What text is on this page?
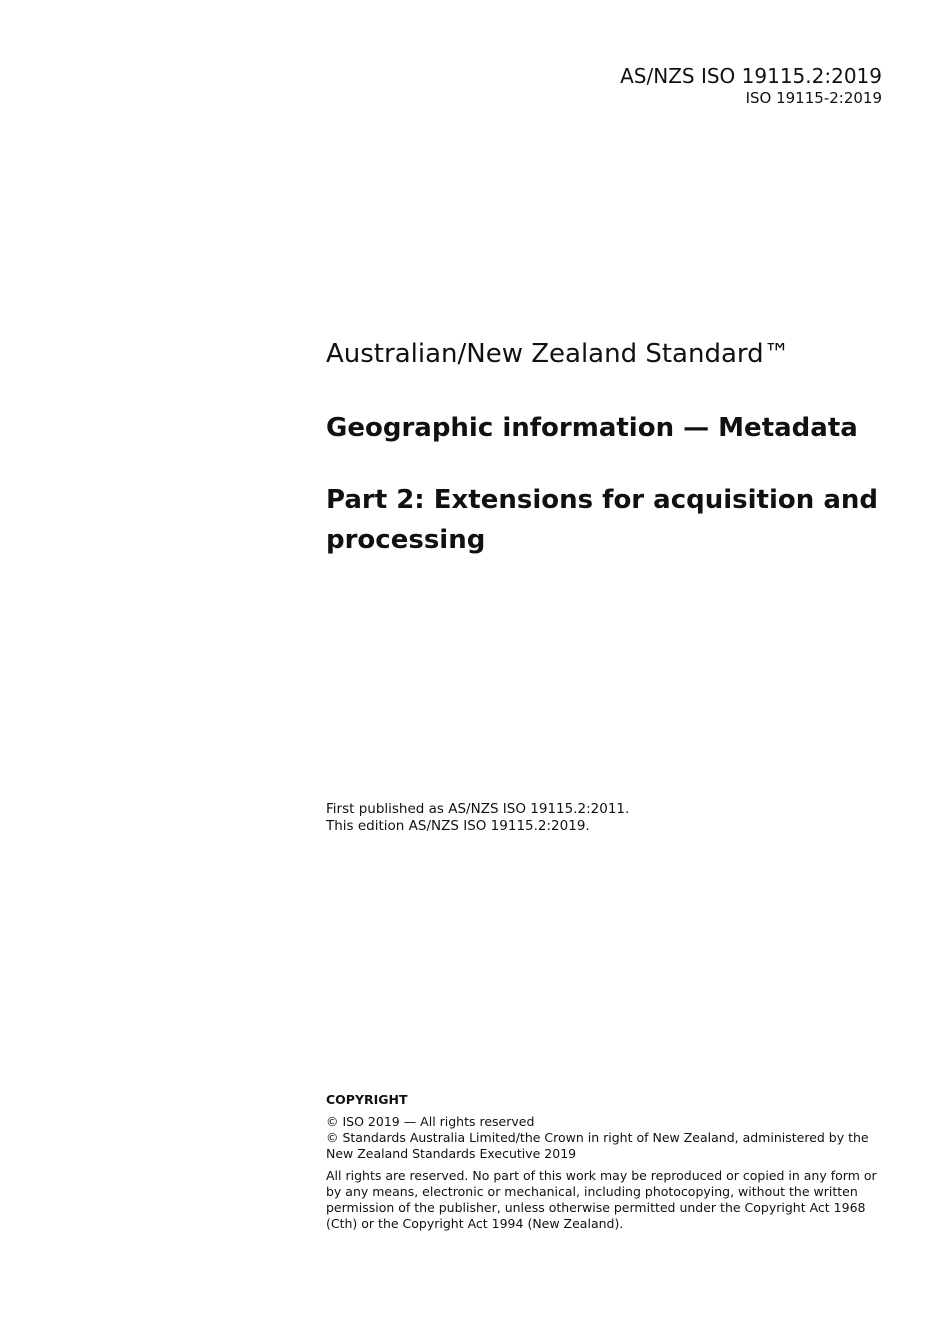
AS/NZS ISO 19115.2:2019

ISO 19115-2:2019

Australian/New Zealand Standard™
Geographic information — Metadata
Part 2: Extensions for acquisition and processing

First published as AS/NZS ISO 19115.2:2011.

This edition AS/NZS ISO 19115.2:2019.

COPYRIGHT

© ISO 2019 — All rights reserved

© Standards Australia Limited/the Crown in right of New Zealand, administered by the New Zealand Standards Executive 2019

All rights are reserved. No part of this work may be reproduced or copied in any form or by any means, electronic or mechanical, including photocopying, without the written permission of the publisher, unless otherwise permitted under the Copyright Act 1968 (Cth) or the Copyright Act 1994 (New Zealand).
